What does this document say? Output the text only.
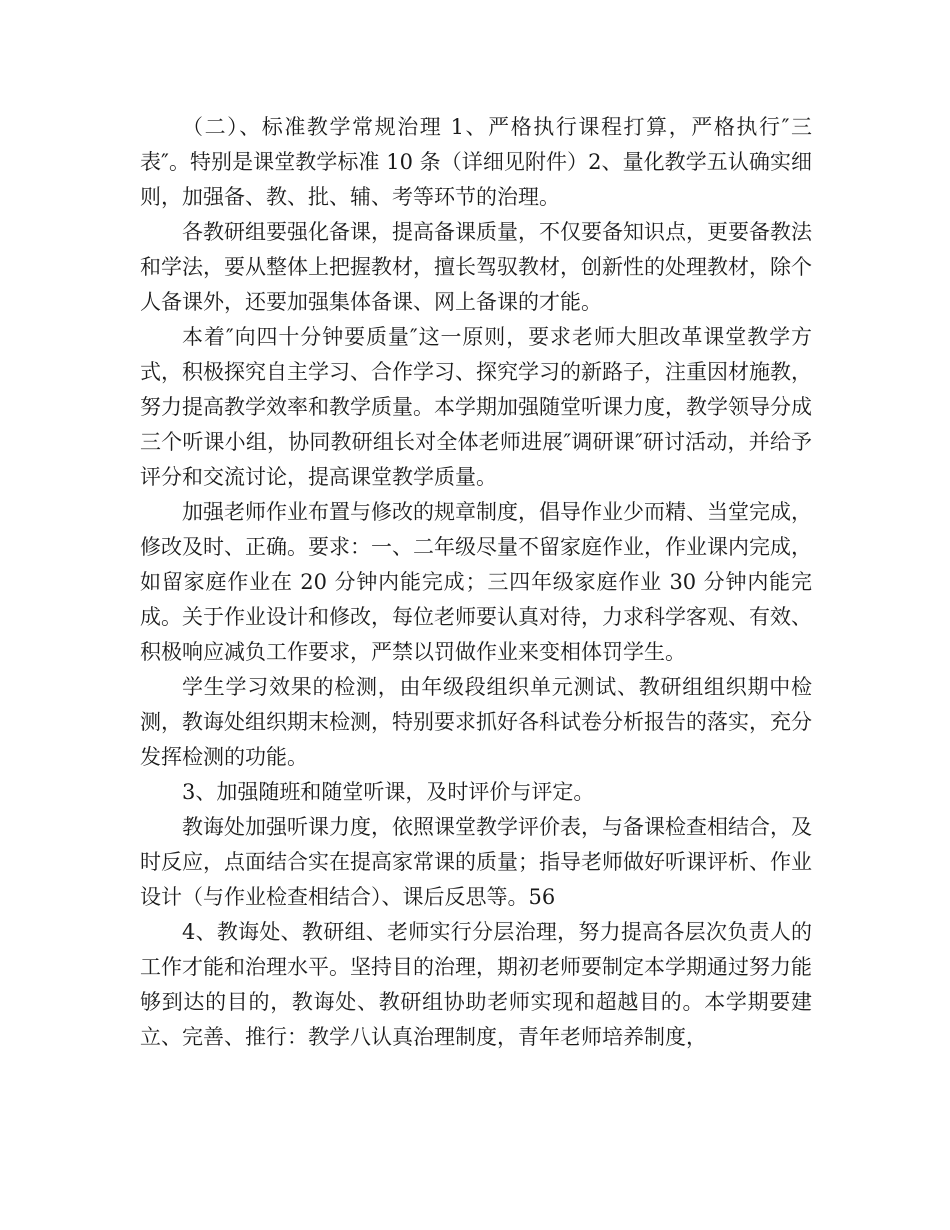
（二）、标准教学常规治理 1、严格执行课程打算，严格执行″三表″。特别是课堂教学标准 10 条（详细见附件）2、量化教学五认确实细则，加强备、教、批、辅、考等环节的治理。

各教研组要强化备课，提高备课质量，不仅要备知识点，更要备教法和学法，要从整体上把握教材，擅长驾驭教材，创新性的处理教材，除个人备课外，还要加强集体备课、网上备课的才能。

本着″向四十分钟要质量″这一原则，要求老师大胆改革课堂教学方式，积极探究自主学习、合作学习、探究学习的新路子，注重因材施教，努力提高教学效率和教学质量。本学期加强随堂听课力度，教学领导分成三个听课小组，协同教研组长对全体老师进展″调研课″研讨活动，并给予评分和交流讨论，提高课堂教学质量。

加强老师作业布置与修改的规章制度，倡导作业少而精、当堂完成，修改及时、正确。要求：一、二年级尽量不留家庭作业，作业课内完成，如留家庭作业在 20 分钟内能完成；三四年级家庭作业 30 分钟内能完成。关于作业设计和修改，每位老师要认真对待，力求科学客观、有效、积极响应减负工作要求，严禁以罚做作业来变相体罚学生。

学生学习效果的检测，由年级段组织单元测试、教研组组织期中检测，教诲处组织期末检测，特别要求抓好各科试卷分析报告的落实，充分发挥检测的功能。

3、加强随班和随堂听课，及时评价与评定。

教诲处加强听课力度，依照课堂教学评价表，与备课检查相结合，及时反应，点面结合实在提高家常课的质量；指导老师做好听课评析、作业设计（与作业检查相结合）、课后反思等。56

4、教诲处、教研组、老师实行分层治理，努力提高各层次负责人的工作才能和治理水平。坚持目的治理，期初老师要制定本学期通过努力能够到达的目的，教诲处、教研组协助老师实现和超越目的。本学期要建立、完善、推行：教学八认真治理制度，青年老师培养制度，
